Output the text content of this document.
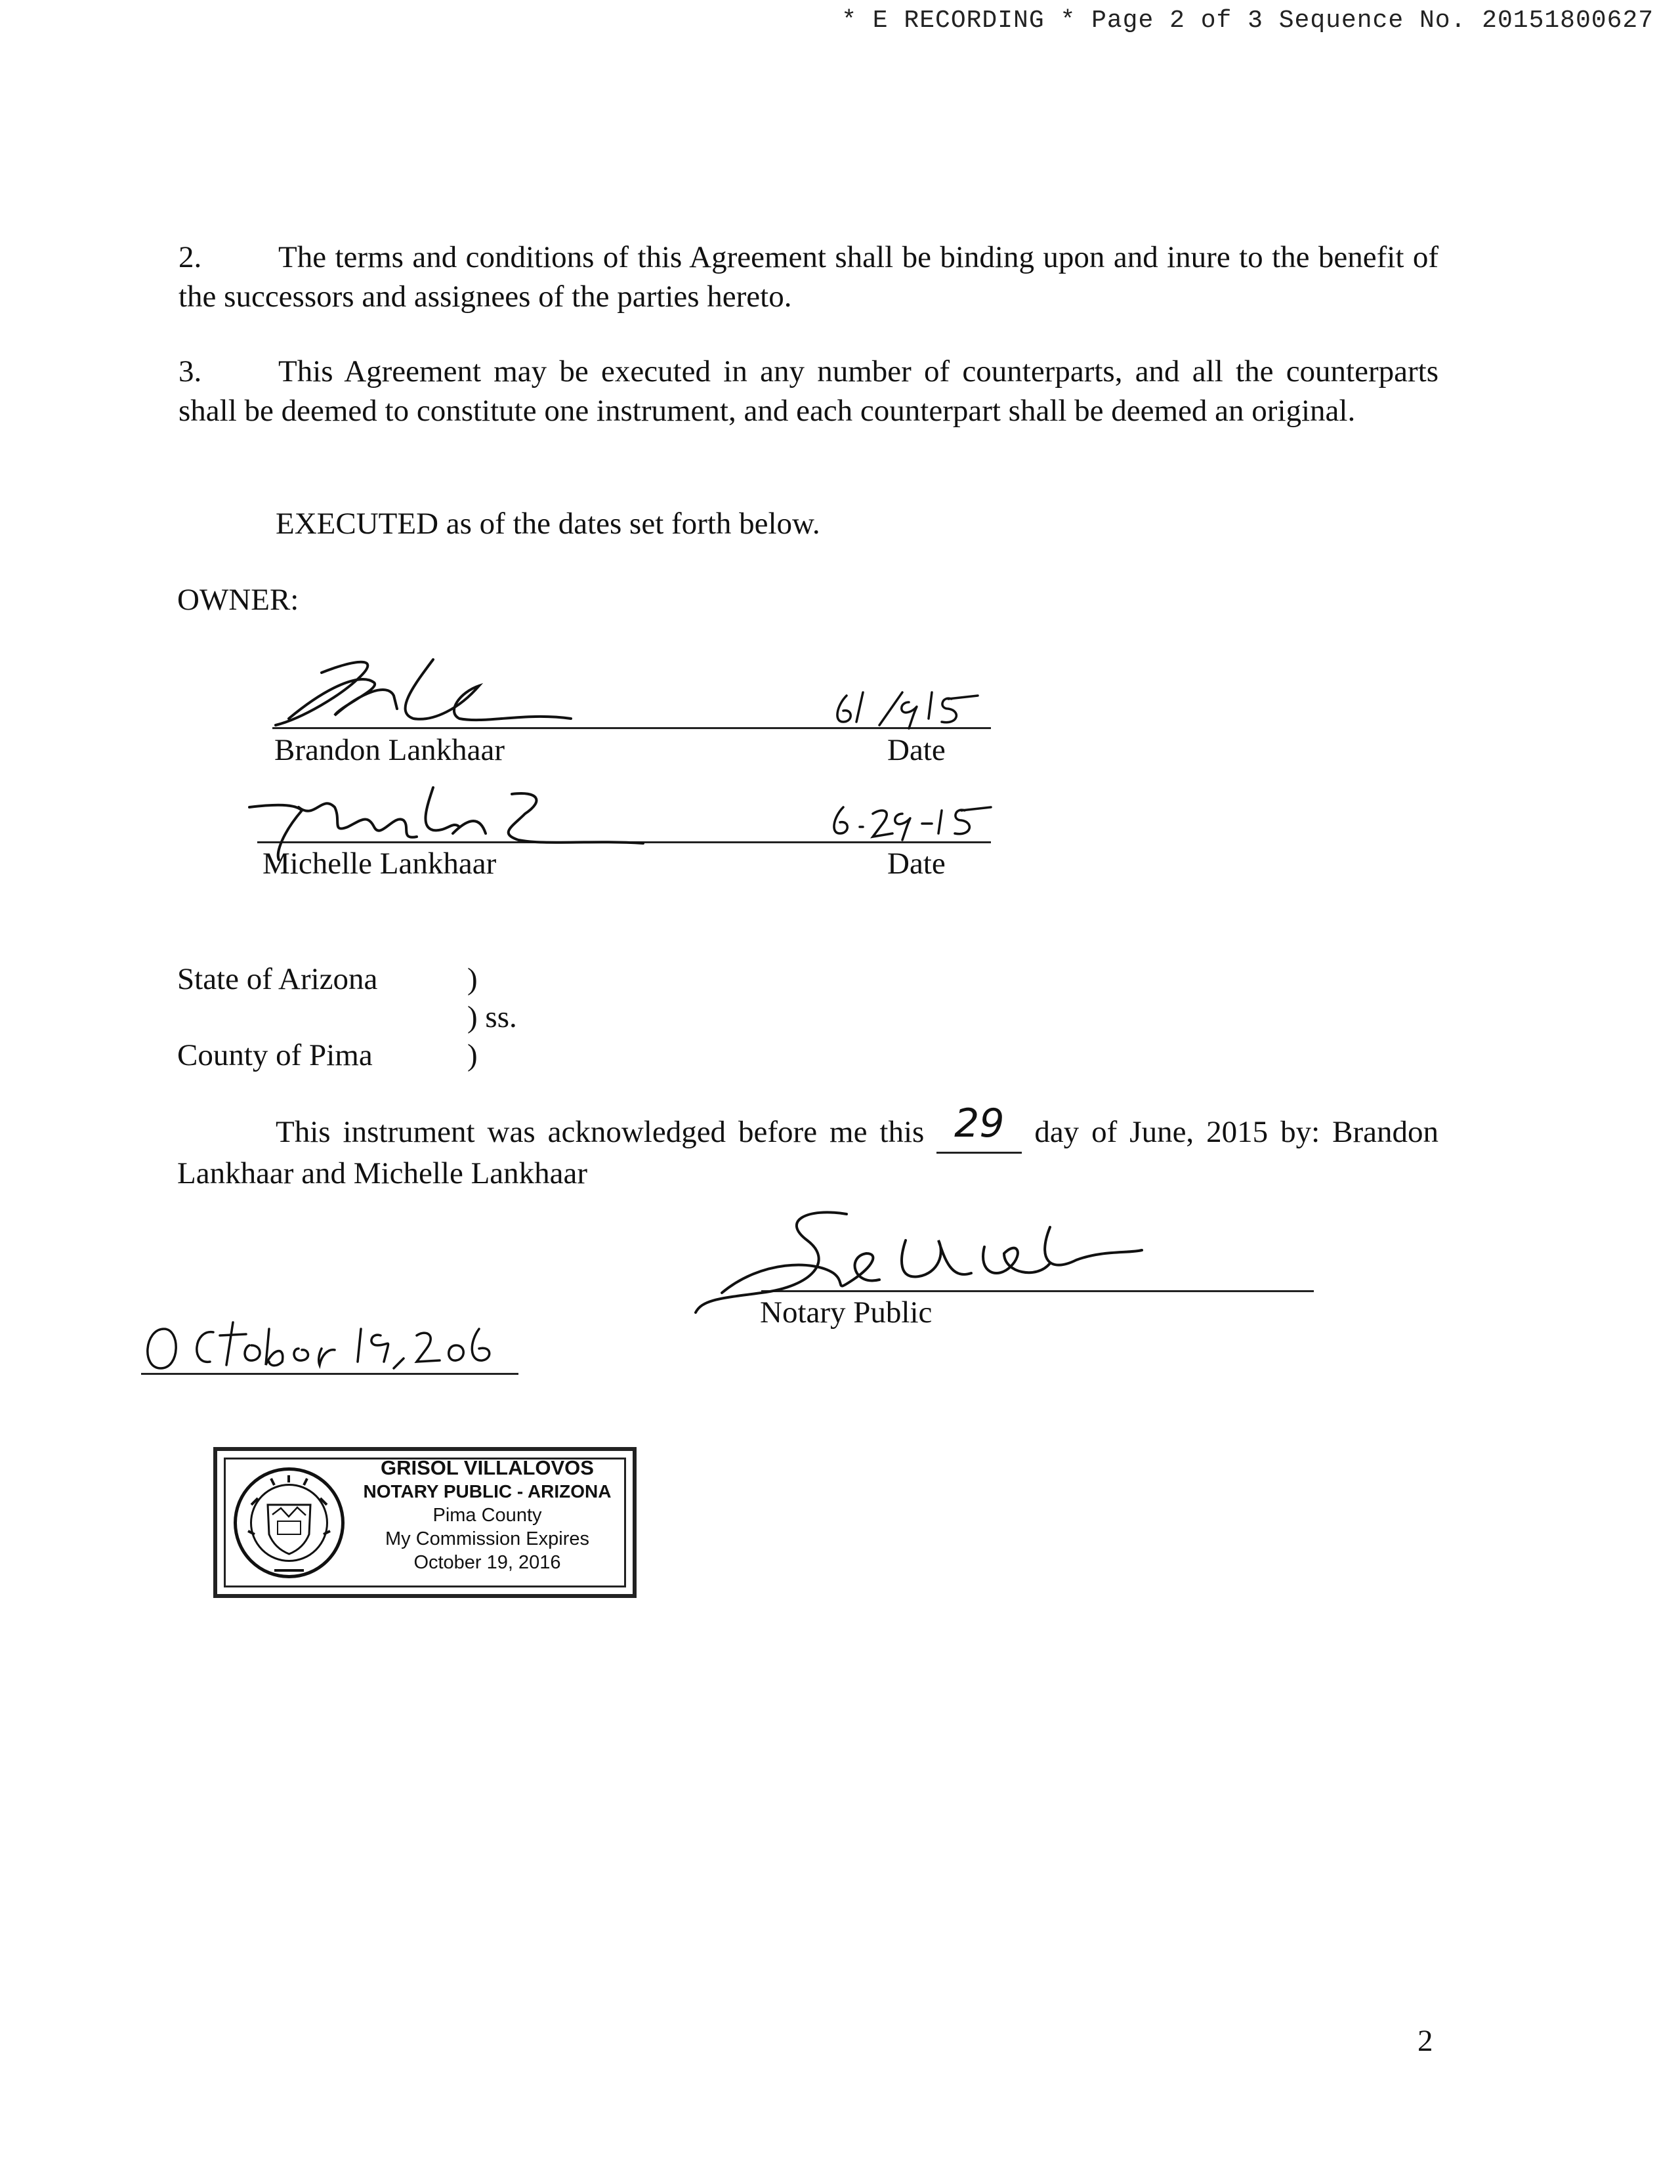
* E RECORDING * Page 2 of 3 Sequence No. 20151800627
2. The terms and conditions of this Agreement shall be binding upon and inure to the benefit of the successors and assignees of the parties hereto.
3. This Agreement may be executed in any number of counterparts, and all the counterparts shall be deemed to constitute one instrument, and each counterpart shall be deemed an original.
EXECUTED as of the dates set forth below.
OWNER:
Brandon Lankhaar	Date
Michelle Lankhaar	Date
State of Arizona	)
) ss.
County of Pima	)
This instrument was acknowledged before me this 29 day of June, 2015 by: Brandon Lankhaar and Michelle Lankhaar
Notary Public
GRISOL VILLALOVOS
NOTARY PUBLIC - ARIZONA
Pima County
My Commission Expires
October 19, 2016
2
